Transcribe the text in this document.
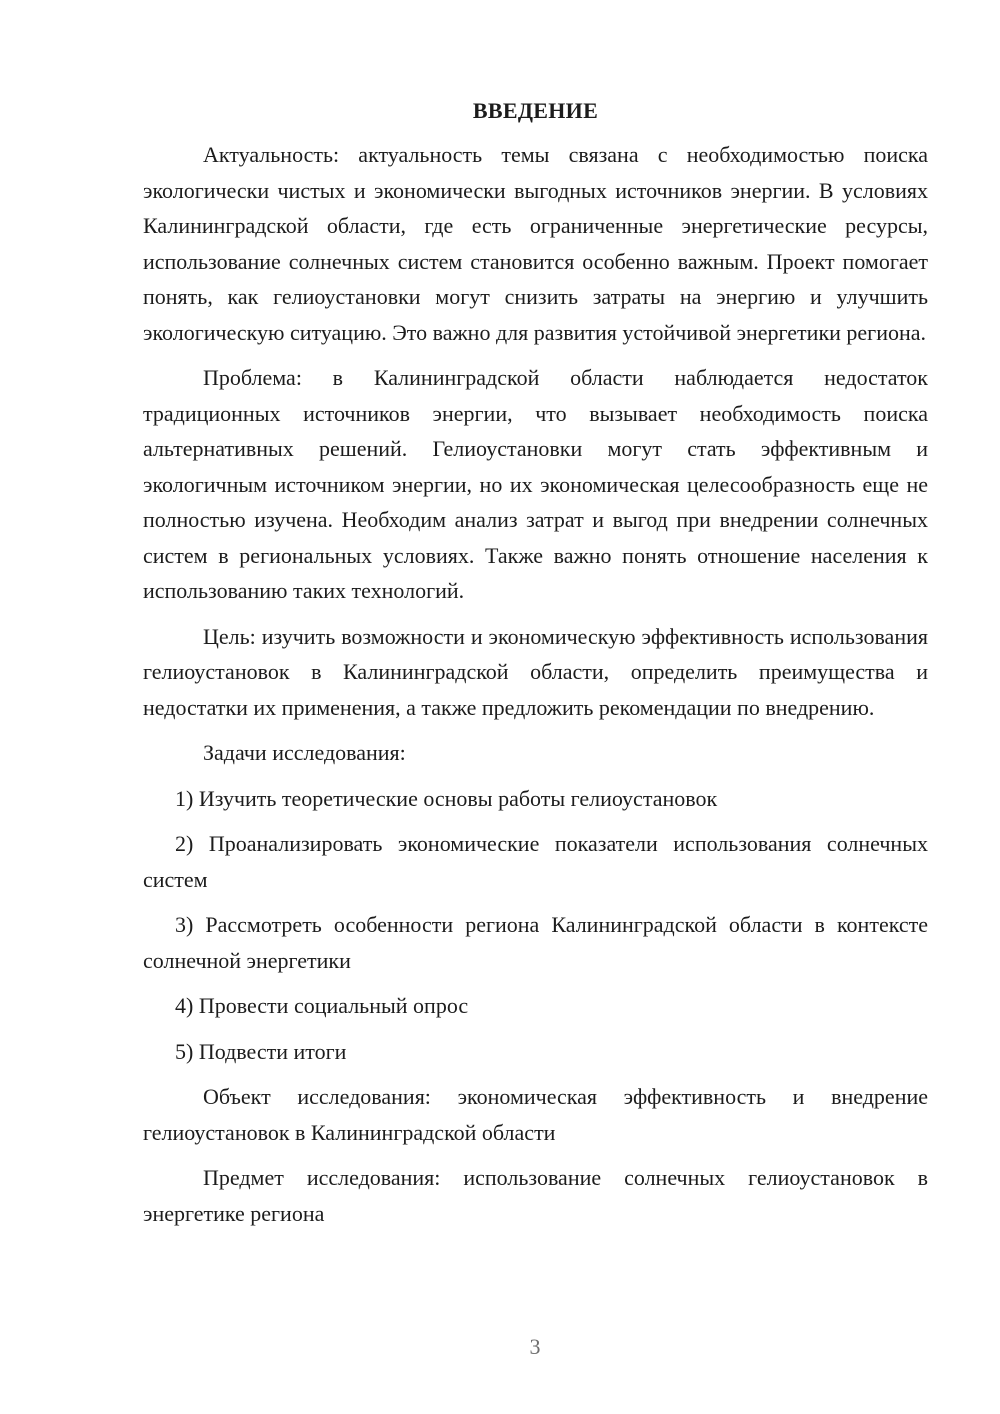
ВВЕДЕНИЕ

Актуальность: актуальность темы связана с необходимостью поиска экологически чистых и экономически выгодных источников энергии. В условиях Калининградской области, где есть ограниченные энергетические ресурсы, использование солнечных систем становится особенно важным. Проект помогает понять, как гелиоустановки могут снизить затраты на энергию и улучшить экологическую ситуацию. Это важно для развития устойчивой энергетики региона.

Проблема: в Калининградской области наблюдается недостаток традиционных источников энергии, что вызывает необходимость поиска альтернативных решений. Гелиоустановки могут стать эффективным и экологичным источником энергии, но их экономическая целесообразность еще не полностью изучена. Необходим анализ затрат и выгод при внедрении солнечных систем в региональных условиях. Также важно понять отношение населения к использованию таких технологий.

Цель: изучить возможности и экономическую эффективность использования гелиоустановок в Калининградской области, определить преимущества и недостатки их применения, а также предложить рекомендации по внедрению.

Задачи исследования:

1) Изучить теоретические основы работы гелиоустановок

2) Проанализировать экономические показатели использования солнечных систем

3) Рассмотреть особенности региона Калининградской области в контексте солнечной энергетики

4) Провести социальный опрос

5) Подвести итоги

Объект исследования: экономическая эффективность и внедрение гелиоустановок в Калининградской области

Предмет исследования: использование солнечных гелиоустановок в энергетике региона

3
